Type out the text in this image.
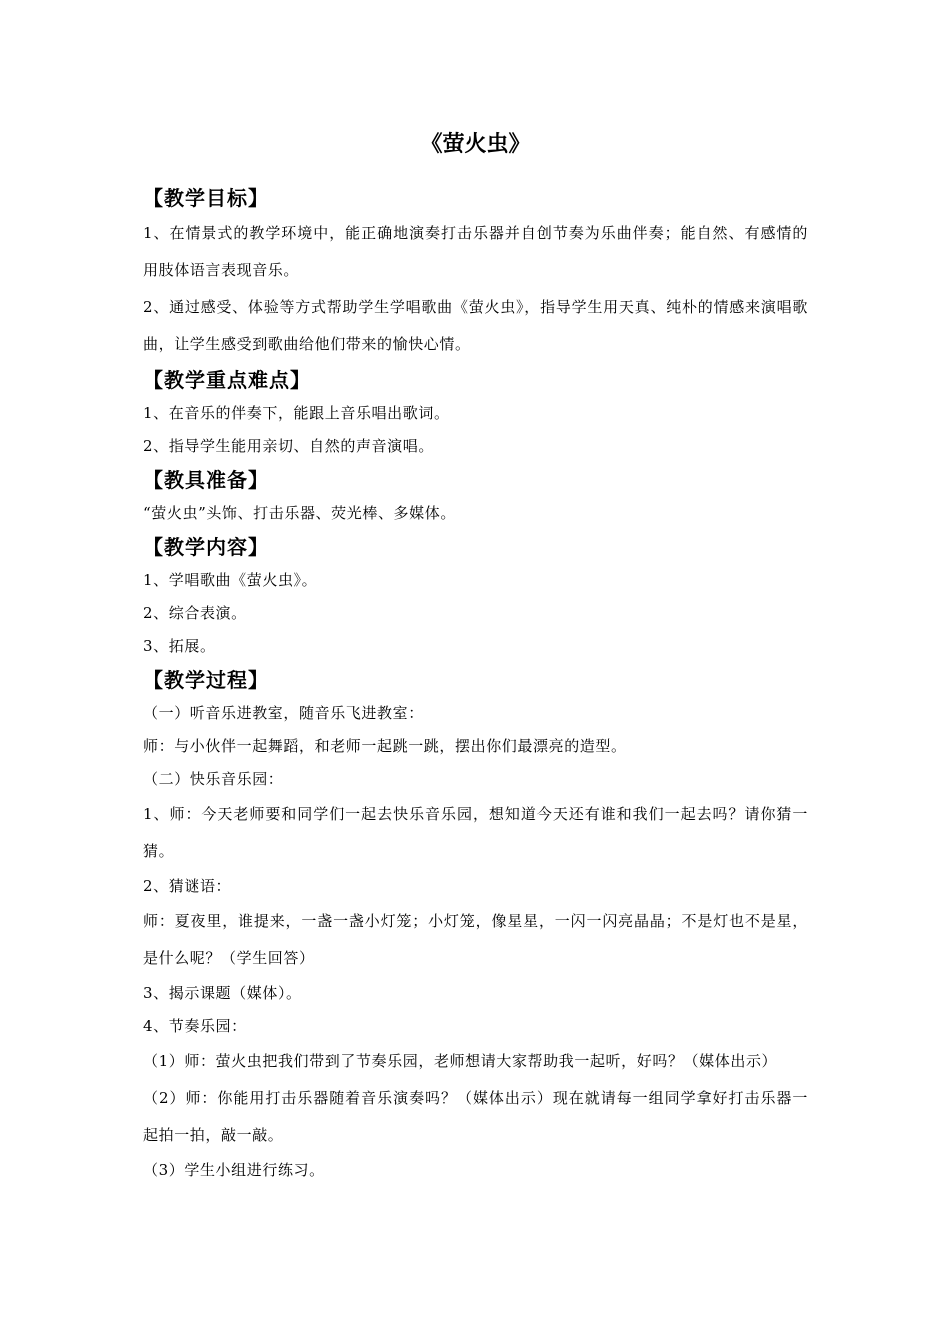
《萤火虫》
【教学目标】

1、在情景式的教学环境中，能正确地演奏打击乐器并自创节奏为乐曲伴奏；能自然、有感情的用肢体语言表现音乐。

2、通过感受、体验等方式帮助学生学唱歌曲《萤火虫》，指导学生用天真、纯朴的情感来演唱歌曲，让学生感受到歌曲给他们带来的愉快心情。

【教学重点难点】

1、在音乐的伴奏下，能跟上音乐唱出歌词。

2、指导学生能用亲切、自然的声音演唱。

【教具准备】

“萤火虫”头饰、打击乐器、荧光棒、多媒体。

【教学内容】

1、学唱歌曲《萤火虫》。

2、综合表演。

3、拓展。

【教学过程】

（一）听音乐进教室，随音乐飞进教室：

师：与小伙伴一起舞蹈，和老师一起跳一跳，摆出你们最漂亮的造型。

（二）快乐音乐园：

1、师：今天老师要和同学们一起去快乐音乐园，想知道今天还有谁和我们一起去吗？请你猜一猜。

2、猜谜语：

师：夏夜里，谁提来，一盏一盏小灯笼；小灯笼，像星星，一闪一闪亮晶晶；不是灯也不是星，是什么呢？（学生回答）

3、揭示课题（媒体）。

4、节奏乐园：

（1）师：萤火虫把我们带到了节奏乐园，老师想请大家帮助我一起听，好吗？（媒体出示）

（2）师：你能用打击乐器随着音乐演奏吗？（媒体出示）现在就请每一组同学拿好打击乐器一起拍一拍，敲一敲。

（3）学生小组进行练习。
